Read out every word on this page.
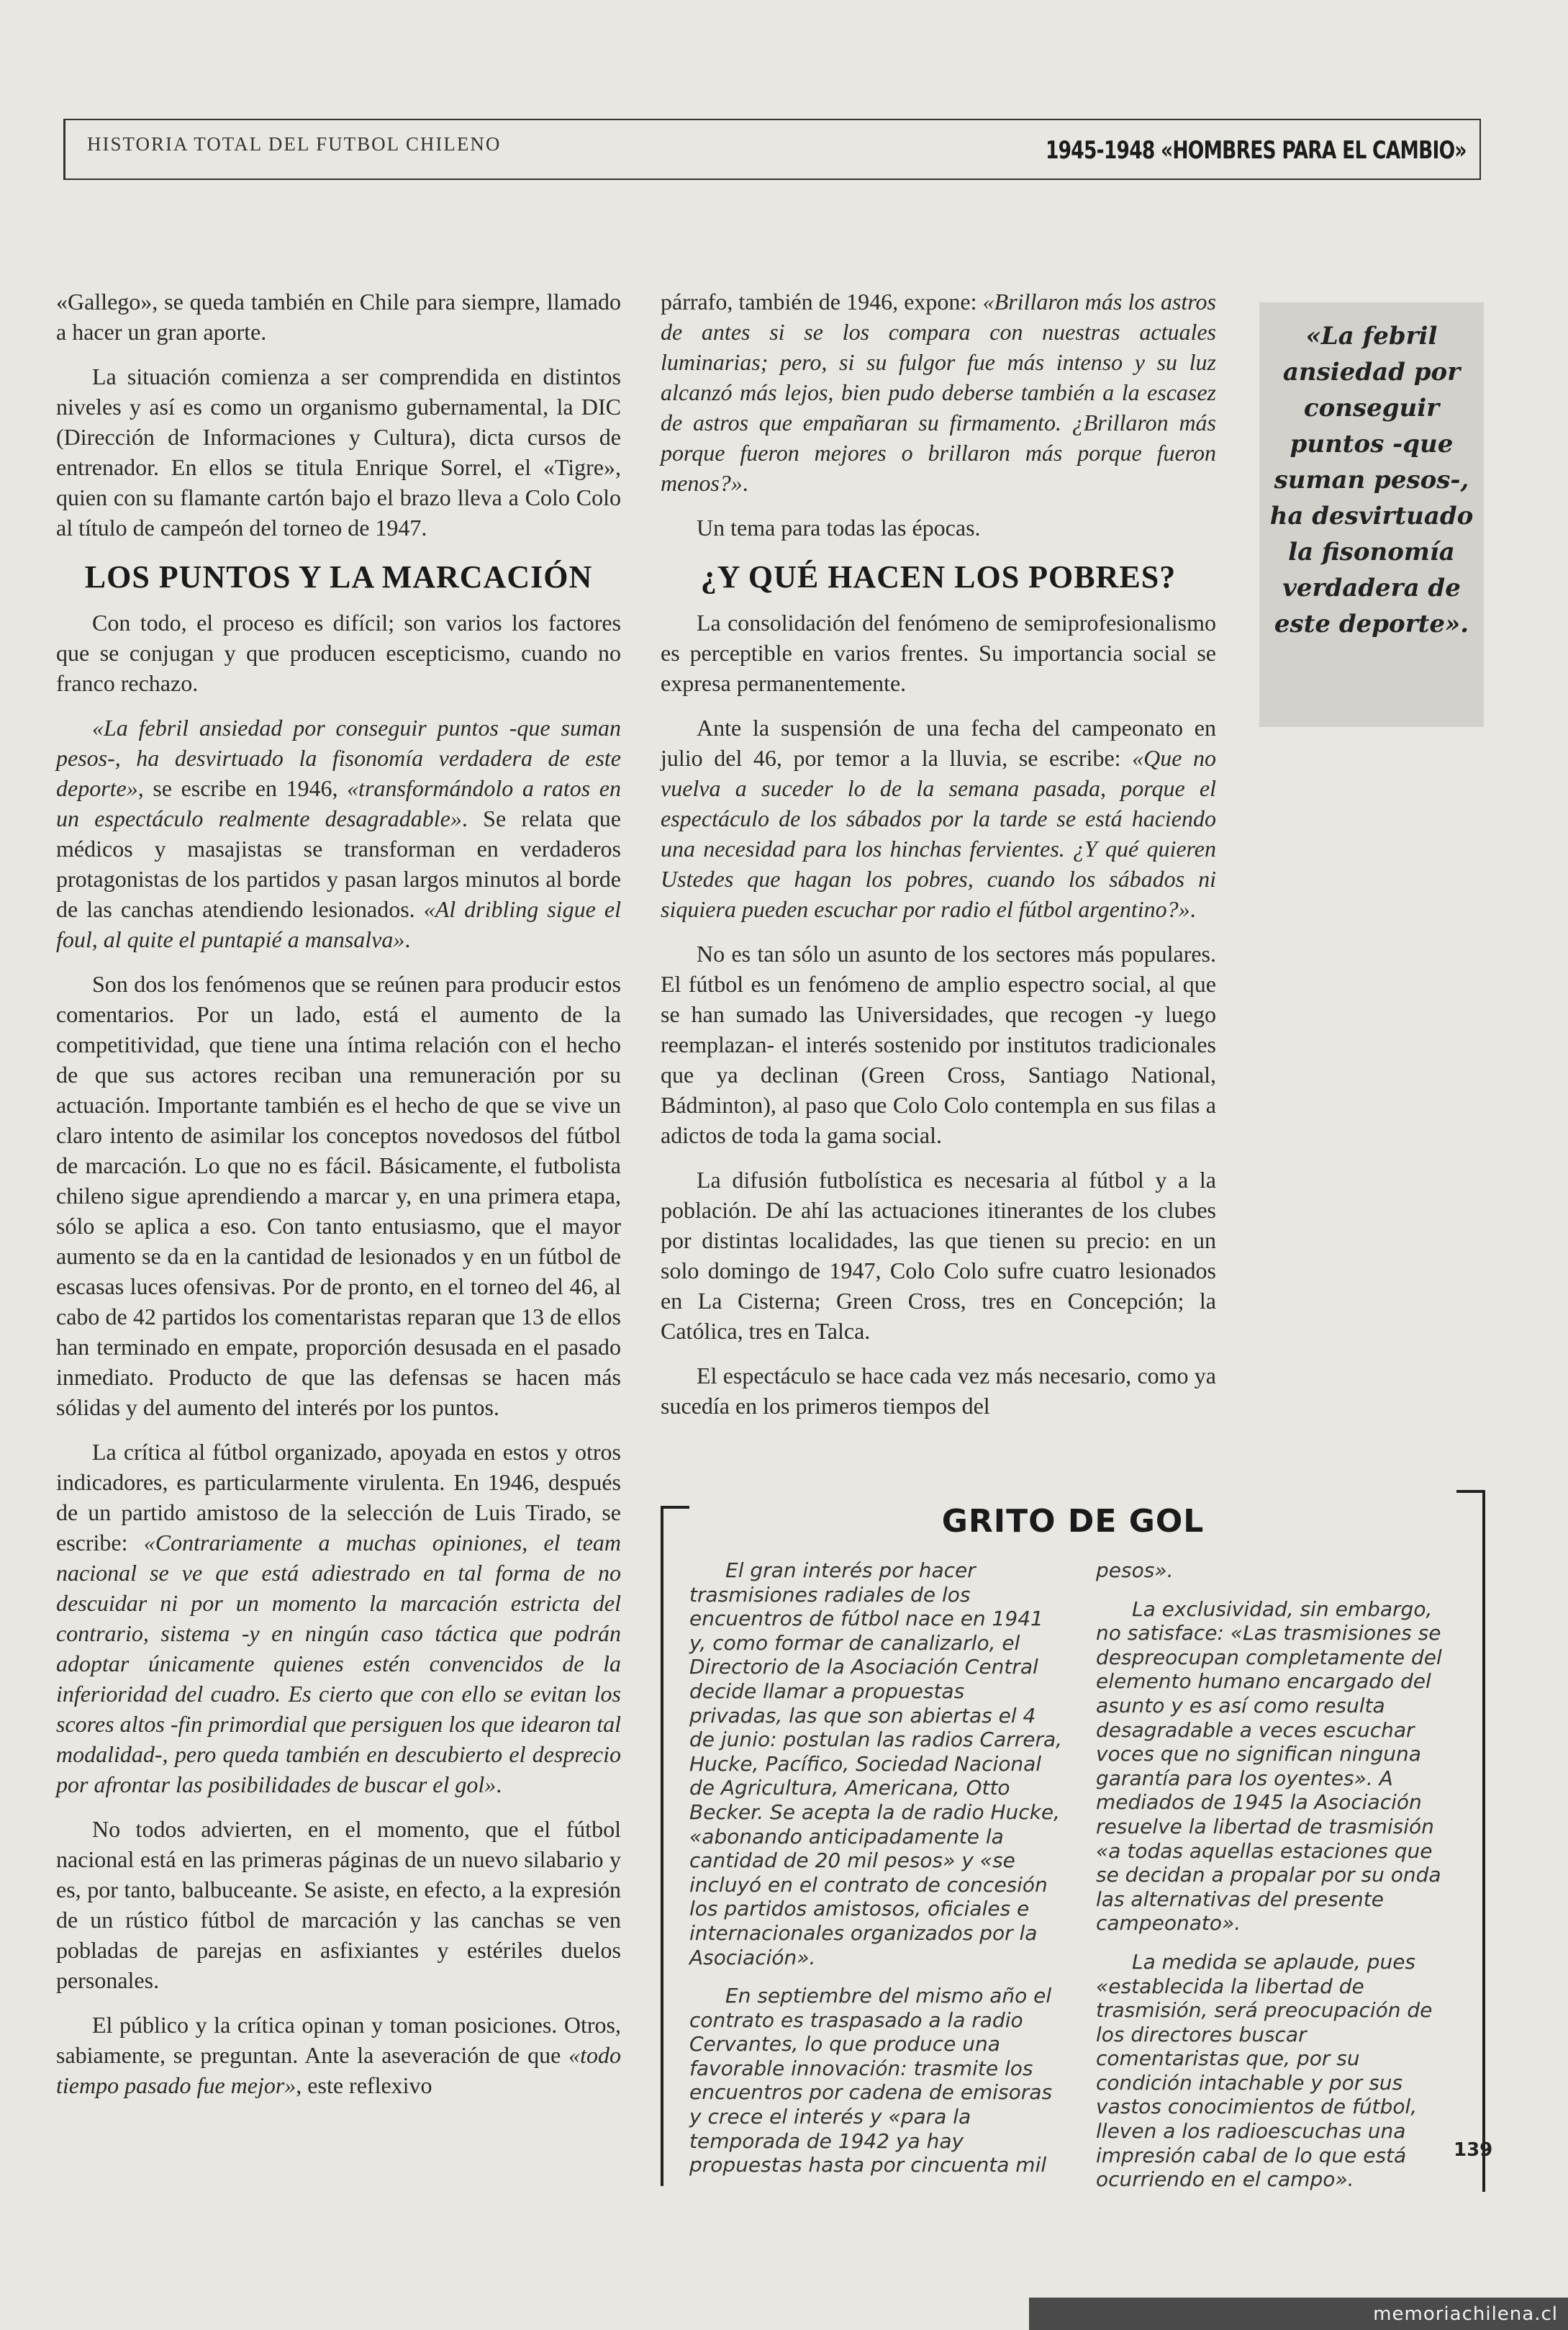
HISTORIA TOTAL DEL FUTBOL CHILENO	1945-1948 «HOMBRES PARA EL CAMBIO»

«Gallego», se queda también en Chile para siempre, llamado a hacer un gran aporte.

La situación comienza a ser comprendida en distintos niveles y así es como un organismo gubernamental, la DIC (Dirección de Informaciones y Cultura), dicta cursos de entrenador. En ellos se titula Enrique Sorrel, el «Tigre», quien con su flamante cartón bajo el brazo lleva a Colo Colo al título de campeón del torneo de 1947.

LOS PUNTOS Y LA MARCACIÓN

Con todo, el proceso es difícil; son varios los factores que se conjugan y que producen escepticismo, cuando no franco rechazo.

«La febril ansiedad por conseguir puntos -que suman pesos-, ha desvirtuado la fisonomía verdadera de este deporte», se escribe en 1946, «transformándolo a ratos en un espectáculo realmente desagradable». Se relata que médicos y masajistas se transforman en verdaderos protagonistas de los partidos y pasan largos minutos al borde de las canchas atendiendo lesionados. «Al dribling sigue el foul, al quite el puntapié a mansalva».

Son dos los fenómenos que se reúnen para producir estos comentarios. Por un lado, está el aumento de la competitividad, que tiene una íntima relación con el hecho de que sus actores reciban una remuneración por su actuación. Importante también es el hecho de que se vive un claro intento de asimilar los conceptos novedosos del fútbol de marcación. Lo que no es fácil. Básicamente, el futbolista chileno sigue aprendiendo a marcar y, en una primera etapa, sólo se aplica a eso. Con tanto entusiasmo, que el mayor aumento se da en la cantidad de lesionados y en un fútbol de escasas luces ofensivas. Por de pronto, en el torneo del 46, al cabo de 42 partidos los comentaristas reparan que 13 de ellos han terminado en empate, proporción desusada en el pasado inmediato. Producto de que las defensas se hacen más sólidas y del aumento del interés por los puntos.

La crítica al fútbol organizado, apoyada en estos y otros indicadores, es particularmente virulenta. En 1946, después de un partido amistoso de la selección de Luis Tirado, se escribe: «Contrariamente a muchas opiniones, el team nacional se ve que está adiestrado en tal forma de no descuidar ni por un momento la marcación estricta del contrario, sistema -y en ningún caso táctica que podrán adoptar únicamente quienes estén convencidos de la inferioridad del cuadro. Es cierto que con ello se evitan los scores altos -fin primordial que persiguen los que idearon tal modalidad-, pero queda también en descubierto el desprecio por afrontar las posibilidades de buscar el gol».

No todos advierten, en el momento, que el fútbol nacional está en las primeras páginas de un nuevo silabario y es, por tanto, balbuceante. Se asiste, en efecto, a la expresión de un rústico fútbol de marcación y las canchas se ven pobladas de parejas en asfixiantes y estériles duelos personales.

El público y la crítica opinan y toman posiciones. Otros, sabiamente, se preguntan. Ante la aseveración de que «todo tiempo pasado fue mejor», este reflexivo

párrafo, también de 1946, expone: «Brillaron más los astros de antes si se los compara con nuestras actuales luminarias; pero, si su fulgor fue más intenso y su luz alcanzó más lejos, bien pudo deberse también a la escasez de astros que empañaran su firmamento. ¿Brillaron más porque fueron mejores o brillaron más porque fueron menos?».

Un tema para todas las épocas.

¿Y QUÉ HACEN LOS POBRES?

La consolidación del fenómeno de semiprofesionalismo es perceptible en varios frentes. Su importancia social se expresa permanentemente.

Ante la suspensión de una fecha del campeonato en julio del 46, por temor a la lluvia, se escribe: «Que no vuelva a suceder lo de la semana pasada, porque el espectáculo de los sábados por la tarde se está haciendo una necesidad para los hinchas fervientes. ¿Y qué quieren Ustedes que hagan los pobres, cuando los sábados ni siquiera pueden escuchar por radio el fútbol argentino?».

No es tan sólo un asunto de los sectores más populares. El fútbol es un fenómeno de amplio espectro social, al que se han sumado las Universidades, que recogen -y luego reemplazan- el interés sostenido por institutos tradicionales que ya declinan (Green Cross, Santiago National, Bádminton), al paso que Colo Colo contempla en sus filas a adictos de toda la gama social.

La difusión futbolística es necesaria al fútbol y a la población. De ahí las actuaciones itinerantes de los clubes por distintas localidades, las que tienen su precio: en un solo domingo de 1947, Colo Colo sufre cuatro lesionados en La Cisterna; Green Cross, tres en Concepción; la Católica, tres en Talca.

El espectáculo se hace cada vez más necesario, como ya sucedía en los primeros tiempos del

«La febril ansiedad por conseguir puntos -que suman pesos-, ha desvirtuado la fisonomía verdadera de este deporte».
GRITO DE GOL

El gran interés por hacer trasmisiones radiales de los encuentros de fútbol nace en 1941 y, como formar de canalizarlo, el Directorio de la Asociación Central decide llamar a propuestas privadas, las que son abiertas el 4 de junio: postulan las radios Carrera, Hucke, Pacífico, Sociedad Nacional de Agricultura, Americana, Otto Becker. Se acepta la de radio Hucke, «abonando anticipadamente la cantidad de 20 mil pesos» y «se incluyó en el contrato de concesión los partidos amistosos, oficiales e internacionales organizados por la Asociación».

En septiembre del mismo año el contrato es traspasado a la radio Cervantes, lo que produce una favorable innovación: trasmite los encuentros por cadena de emisoras y crece el interés y «para la temporada de 1942 ya hay propuestas hasta por cincuenta mil

pesos».

La exclusividad, sin embargo, no satisface: «Las trasmisiones se despreocupan completamente del elemento humano encargado del asunto y es así como resulta desagradable a veces escuchar voces que no significan ninguna garantía para los oyentes». A mediados de 1945 la Asociación resuelve la libertad de trasmisión «a todas aquellas estaciones que se decidan a propalar por su onda las alternativas del presente campeonato».

La medida se aplaude, pues «establecida la libertad de trasmisión, será preocupación de los directores buscar comentaristas que, por su condición intachable y por sus vastos conocimientos de fútbol, lleven a los radioescuchas una impresión cabal de lo que está ocurriendo en el campo».

139
memoriachilena.cl
